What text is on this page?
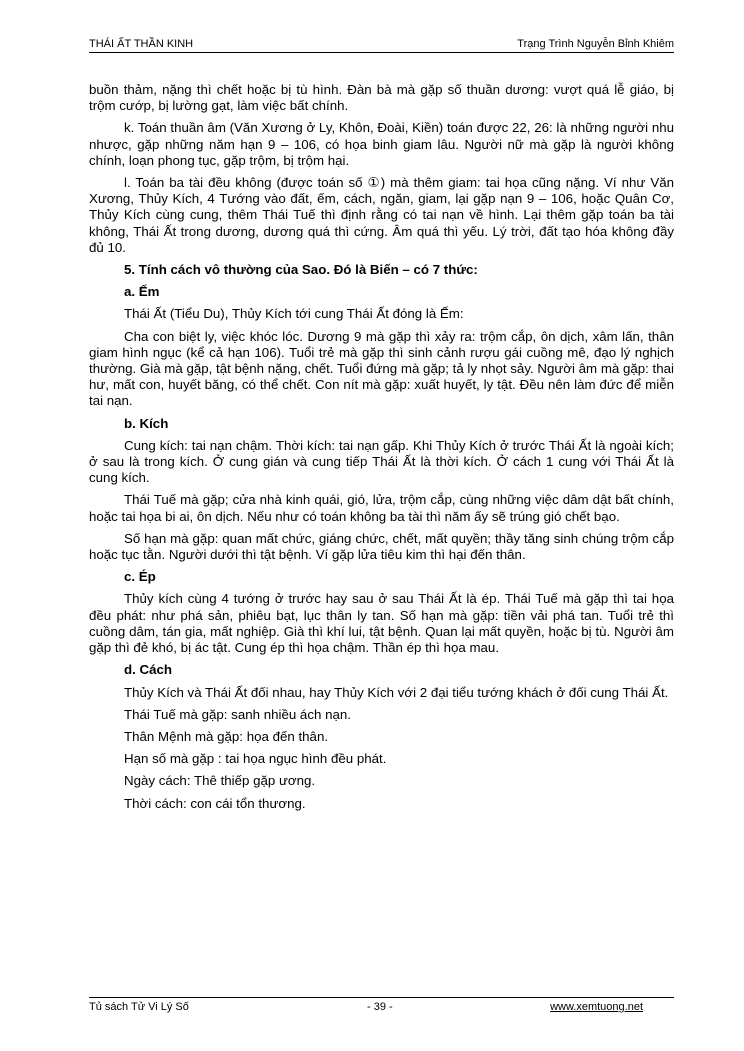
THÁI ẤT THẦN KINH	Trạng Trình Nguyễn Bỉnh Khiêm

buồn thảm, nặng thì chết hoặc bị tù hình. Đàn bà mà gặp số thuần dương: vượt quá lễ giáo, bị trộm cướp, bị lường gạt, làm việc bất chính.

k. Toán thuần âm (Văn Xương ở Ly, Khôn, Đoài, Kiền) toán được 22, 26: là những người nhu nhược, gặp những năm hạn 9 – 106, có họa binh giam lâu. Người nữ mà gặp là người không chính, loạn phong tục, gặp trộm, bị trộm hại.

l. Toán ba tài đều không (được toán số ①) mà thêm giam: tai họa cũng nặng. Ví như Văn Xương, Thủy Kích, 4 Tướng vào đất, ếm, cách, ngăn, giam, lại gặp nạn 9 – 106, hoặc Quân Cơ, Thủy Kích cùng cung, thêm Thái Tuế thì định rằng có tai nạn về hình. Lại thêm gặp toán ba tài không, Thái Ất trong dương, dương quá thì cứng. Âm quá thì yếu. Lý trời, đất tạo hóa không đầy đủ 10.

5. Tính cách vô thường của Sao. Đó là Biến – có 7 thức:

a. Ếm

Thái Ất (Tiểu Du), Thủy Kích tới cung Thái Ất đóng là Ếm:

Cha con biệt ly, việc khóc lóc. Dương 9 mà gặp thì xảy ra: trộm cắp, ôn dịch, xâm lấn, thân giam hình ngục (kể cả hạn 106). Tuổi trẻ mà gặp thì sinh cảnh rượu gái cuồng mê, đạo lý nghịch thường. Già mà gặp, tật bệnh nặng, chết. Tuổi đứng mà gặp; tả ly nhọt sảy. Người âm mà gặp: thai hư, mất con, huyết băng, có thể chết. Con nít mà gặp: xuất huyết, ly tật. Đều nên làm đức để miễn tai nạn.

b. Kích

Cung kích: tai nạn chậm. Thời kích: tai nạn gấp. Khi Thủy Kích ở trước Thái Ất là ngoài kích; ở sau là trong kích. Ở cung gián và cung tiếp Thái Ất là thời kích. Ở cách 1 cung với Thái Ất là cung kích.

Thái Tuế mà gặp; cửa nhà kinh quái, gió, lửa, trộm cắp, cùng những việc dâm dật bất chính, hoặc tai họa bi ai, ôn dịch. Nếu như có toán không ba tài thì năm ấy sẽ trúng gió chết bạo.

Số hạn mà gặp: quan mất chức, giáng chức, chết, mất quyền; thầy tăng sinh chúng trộm cắp hoặc tục tằn. Người dưới thì tật bệnh. Ví gặp lửa tiêu kim thì hại đến thân.

c. Ép

Thủy kích cùng 4 tướng ở trước hay sau ở sau Thái Ất là ép. Thái Tuế mà gặp thì tai họa đều phát: như phá sản, phiêu bạt, lục thân ly tan. Số hạn mà gặp: tiền vải phá tan. Tuổi trẻ thì cuồng dâm, tán gia, mất nghiệp. Già thì khí lui, tật bệnh. Quan lại mất quyền, hoặc bị tù. Người âm gặp thì đẻ khó, bị ác tật. Cung ép thì họa chậm. Thần ép thì họa mau.

d. Cách

Thủy Kích và Thái Ất đối nhau, hay Thủy Kích với 2 đại tiểu tướng khách ở đối cung Thái Ất.

Thái Tuế mà gặp: sanh nhiều ách nạn.

Thân Mệnh mà gặp: họa đến thân.

Hạn số mà gặp : tai họa ngục hình đều phát.

Ngày cách: Thê thiếp gặp ương.

Thời cách: con cái tổn thương.

Tủ sách Tử Vi Lý Số	- 39 -	www.xemtuong.net
